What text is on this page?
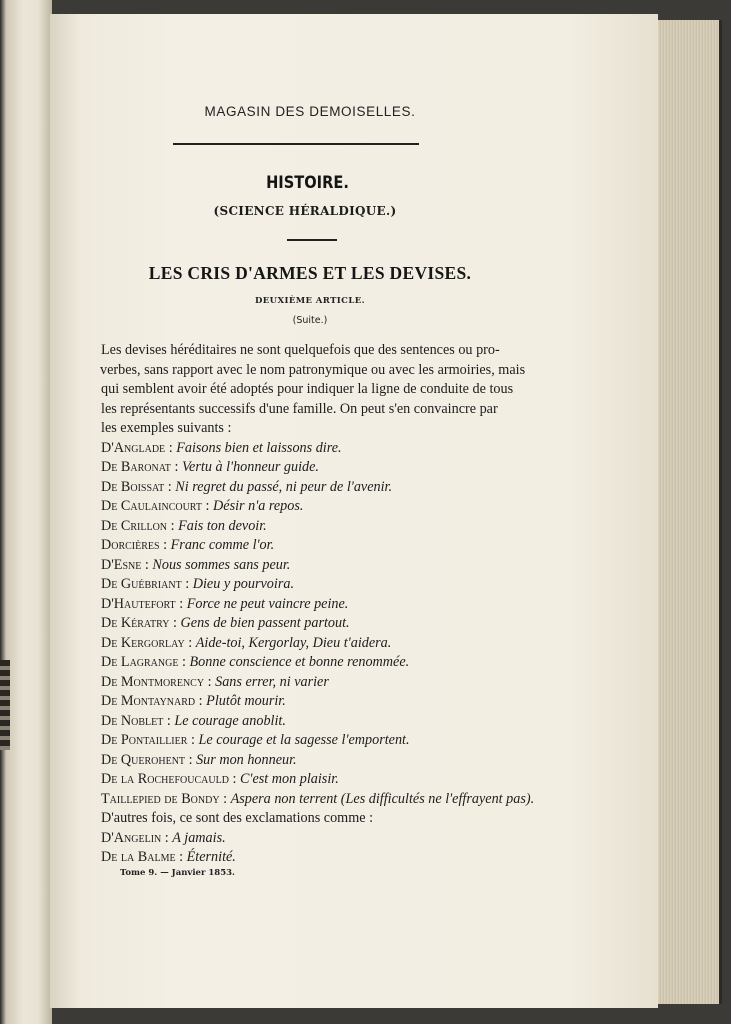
MAGASIN DES DEMOISELLES.
HISTOIRE.
(SCIENCE HÉRALDIQUE.)
LES CRIS D'ARMES ET LES DEVISES.
DEUXIÈME ARTICLE.
(Suite.)
Les devises héréditaires ne sont quelquefois que des sentences ou pro-
verbes, sans rapport avec le nom patronymique ou avec les armoiries, mais
qui semblent avoir été adoptés pour indiquer la ligne de conduite de tous
les représentants successifs d'une famille. On peut s'en convaincre par
les exemples suivants :

D'Anglade : Faisons bien et laissons dire.

De Baronat : Vertu à l'honneur guide.

De Boissat : Ni regret du passé, ni peur de l'avenir.

De Caulaincourt : Désir n'a repos.

De Crillon : Fais ton devoir.

Dorcières : Franc comme l'or.

D'Esne : Nous sommes sans peur.

De Guébriant : Dieu y pourvoira.

D'Hautefort : Force ne peut vaincre peine.

De Kératry : Gens de bien passent partout.

De Kergorlay : Aide-toi, Kergorlay, Dieu t'aidera.

De Lagrange : Bonne conscience et bonne renommée.

De Montmorency : Sans errer, ni varier

De Montaynard : Plutôt mourir.

De Noblet : Le courage anoblit.

De Pontaillier : Le courage et la sagesse l'emportent.

De Querohent : Sur mon honneur.

De la Rochefoucauld : C'est mon plaisir.

Taillepied de Bondy : Aspera non terrent (Les difficultés ne l'effrayent pas).

D'autres fois, ce sont des exclamations comme :

D'Angelin : A jamais.

De la Balme : Éternité.

Tome 9. — Janvier 1853.
